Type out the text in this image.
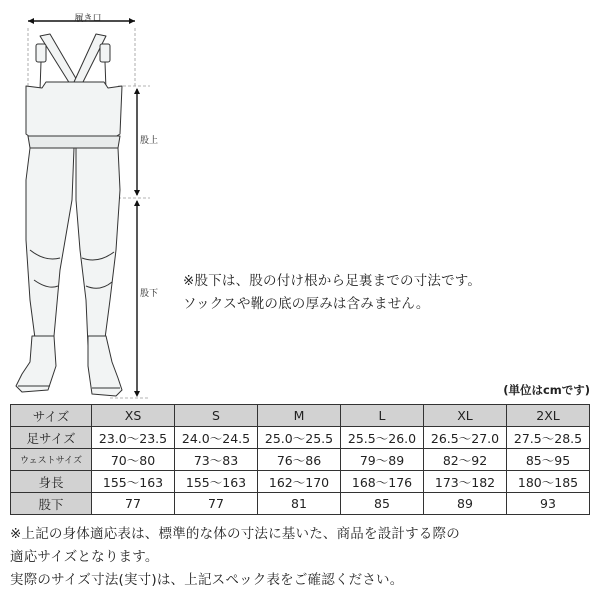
履き口
股上
股下
※股下は、股の付け根から足裏までの寸法です。
ソックスや靴の底の厚みは含みません。
(単位はcmです)
サイズ	XS	S	M	L	XL	2XL
足サイズ	23.0〜23.5	24.0〜24.5	25.0〜25.5	25.5〜26.0	26.5〜27.0	27.5〜28.5
ウェストサイズ	70〜80	73〜83	76〜86	79〜89	82〜92	85〜95
身長	155〜163	155〜163	162〜170	168〜176	173〜182	180〜185
股下	77	77	81	85	89	93
※上記の身体適応表は、標準的な体の寸法に基いた、商品を設計する際の
適応サイズとなります。
実際のサイズ寸法(実寸)は、上記スペック表をご確認ください。
